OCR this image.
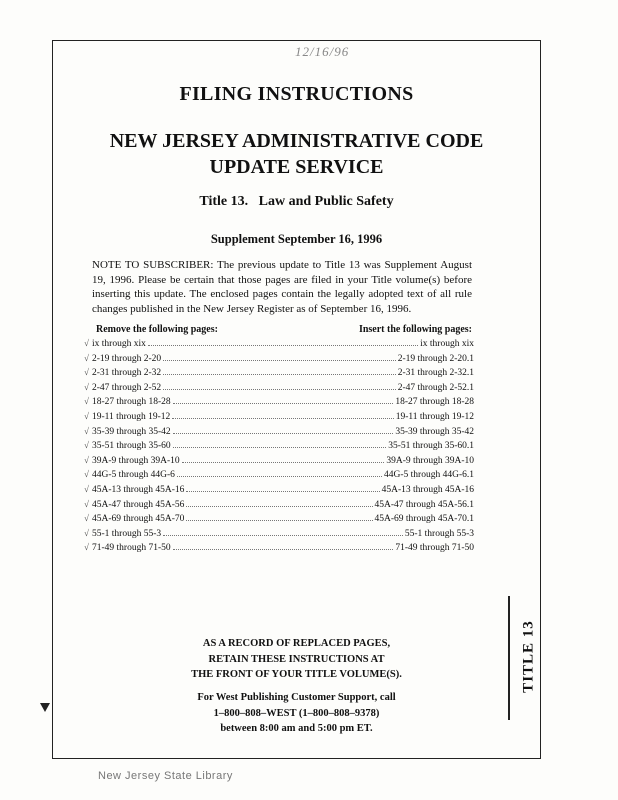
12/16/96
FILING INSTRUCTIONS
NEW JERSEY ADMINISTRATIVE CODE
UPDATE SERVICE
Title 13.   Law and Public Safety
Supplement September 16, 1996
NOTE TO SUBSCRIBER: The previous update to Title 13 was Supplement August 19, 1996. Please be certain that those pages are filed in your Title volume(s) before inserting this update. The enclosed pages contain the legally adopted text of all rule changes published in the New Jersey Register as of September 16, 1996.
Remove the following pages:	Insert the following pages:
√ ix through xix	ix through xix
√ 2-19 through 2-20	2-19 through 2-20.1
√ 2-31 through 2-32	2-31 through 2-32.1
√ 2-47 through 2-52	2-47 through 2-52.1
√ 18-27 through 18-28	18-27 through 18-28
√ 19-11 through 19-12	19-11 through 19-12
√ 35-39 through 35-42	35-39 through 35-42
√ 35-51 through 35-60	35-51 through 35-60.1
√ 39A-9 through 39A-10	39A-9 through 39A-10
√ 44G-5 through 44G-6	44G-5 through 44G-6.1
√ 45A-13 through 45A-16	45A-13 through 45A-16
√ 45A-47 through 45A-56	45A-47 through 45A-56.1
√ 45A-69 through 45A-70	45A-69 through 45A-70.1
√ 55-1 through 55-3	55-1 through 55-3
√ 71-49 through 71-50	71-49 through 71-50
AS A RECORD OF REPLACED PAGES,
RETAIN THESE INSTRUCTIONS AT
THE FRONT OF YOUR TITLE VOLUME(S).
For West Publishing Customer Support, call
1–800–808–WEST (1–800–808–9378)
between 8:00 am and 5:00 pm ET.
TITLE 13
New Jersey State Library
